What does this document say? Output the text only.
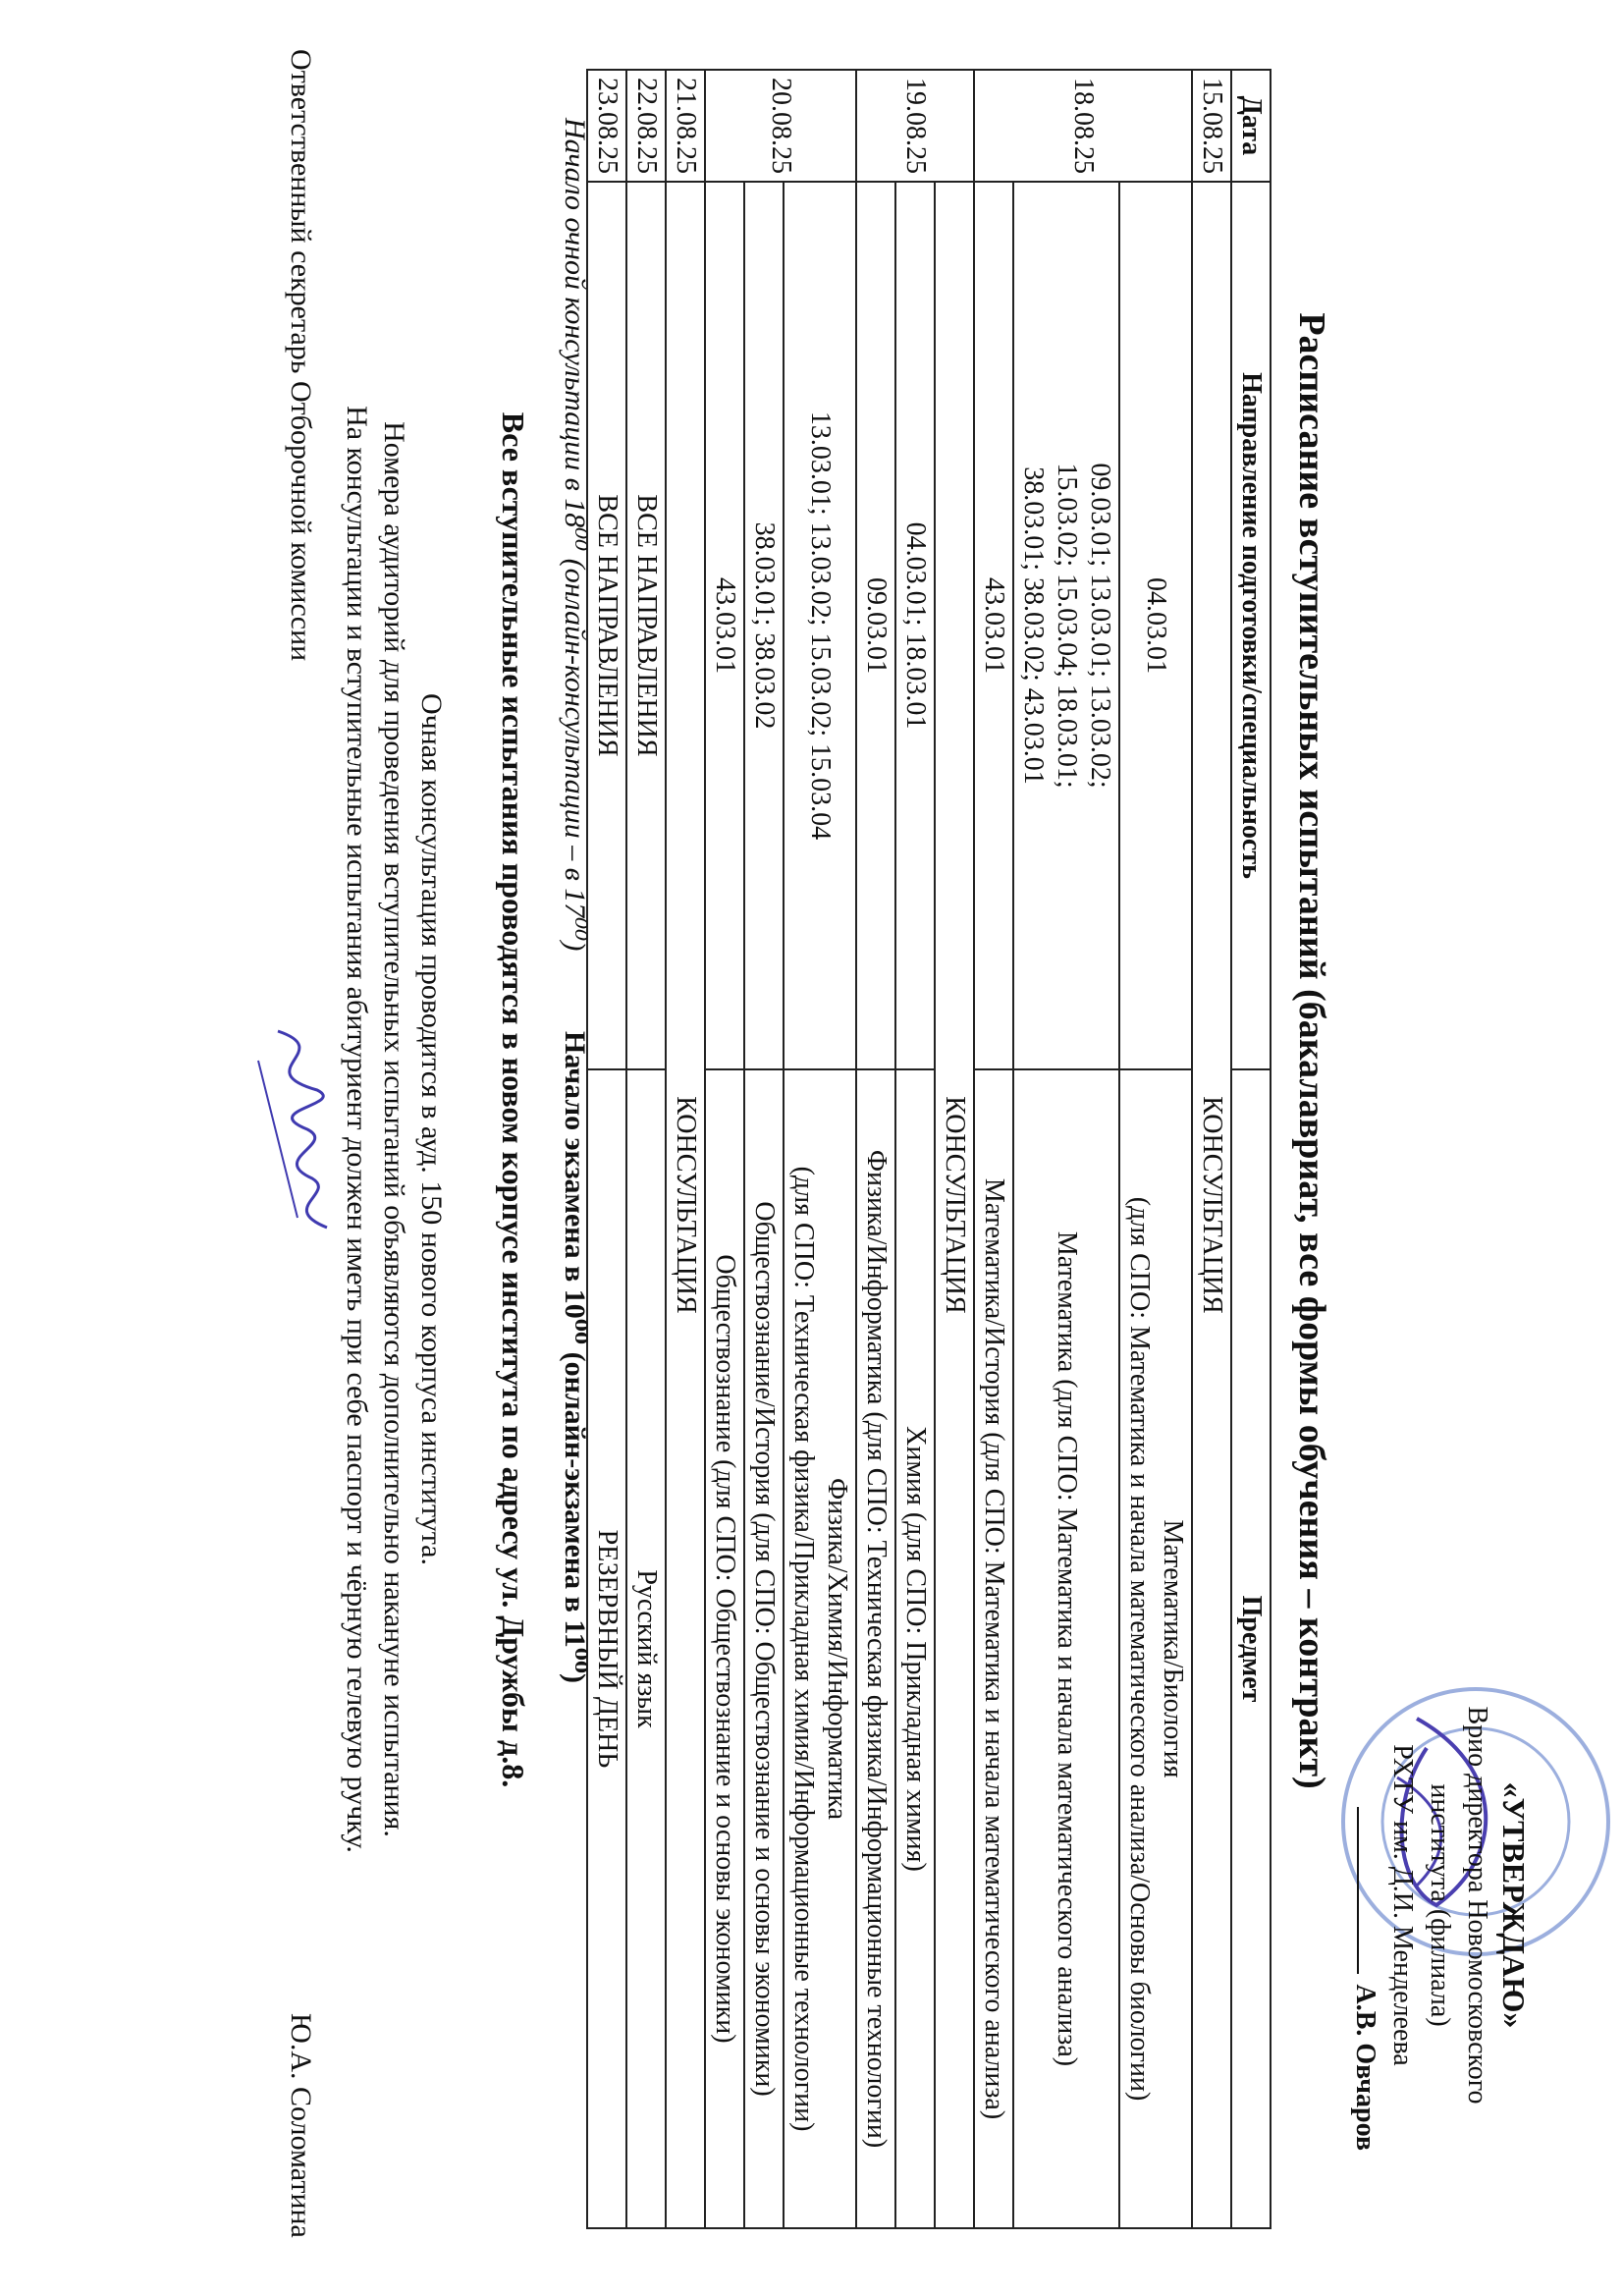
«УТВЕРЖДАЮ»
Врио директора Новомосковского
института (филиала)
РХТУ им. Д.И. Менделеева
А.В. Овчаров
Расписание вступительных испытаний (бакалавриат, все формы обучения – контракт)
Дата	Направление подготовки/специальность	Предмет
15.08.25	КОНСУЛЬТАЦИЯ	
18.08.25	04.03.01	Математика/Биология
(для СПО: Математика и начала математического анализа/Основы биологии)
	09.03.01; 13.03.01; 13.03.02;
15.03.02; 15.03.04; 18.03.01;
38.03.01; 38.03.02; 43.03.01	Математика (для СПО: Математика и начала математического анализа)
	43.03.01	Математика/История (для СПО: Математика и начала математического анализа)
19.08.25	КОНСУЛЬТАЦИЯ	
	04.03.01; 18.03.01	Химия (для СПО: Прикладная химия)
	09.03.01	Физика/Информатика (для СПО: Техническая физика/Информационные технологии)
20.08.25	13.03.01; 13.03.02; 15.03.02; 15.03.04	Физика/Химия/Информатика
(для СПО: Техническая физика/Прикладная химия/Информационные технологии)
	38.03.01; 38.03.02	Обществознание/История (для СПО: Обществознание и основы экономики)
	43.03.01	Обществознание (для СПО: Обществознание и основы экономики)
21.08.25	КОНСУЛЬТАЦИЯ	
22.08.25	ВСЕ НАПРАВЛЕНИЯ	Русский язык
23.08.25	ВСЕ НАПРАВЛЕНИЯ	РЕЗЕРВНЫЙ ДЕНЬ
Начало очной консультации в 18⁰⁰ (онлайн-консультации – в 17⁰⁰)
Начало экзамена в 10⁰⁰ (онлайн-экзамена в 11⁰⁰)
Все вступительные испытания проводятся в новом корпусе института по адресу ул. Дружбы д.8.
Очная консультация проводится в ауд. 150 нового корпуса института.
Номера аудиторий для проведения вступительных испытаний объявляются дополнительно накануне испытания.
На консультации и вступительные испытания абитуриент должен иметь при себе паспорт и чёрную гелевую ручку.
Ответственный секретарь Отборочной комиссии
Ю.А. Соломатина
